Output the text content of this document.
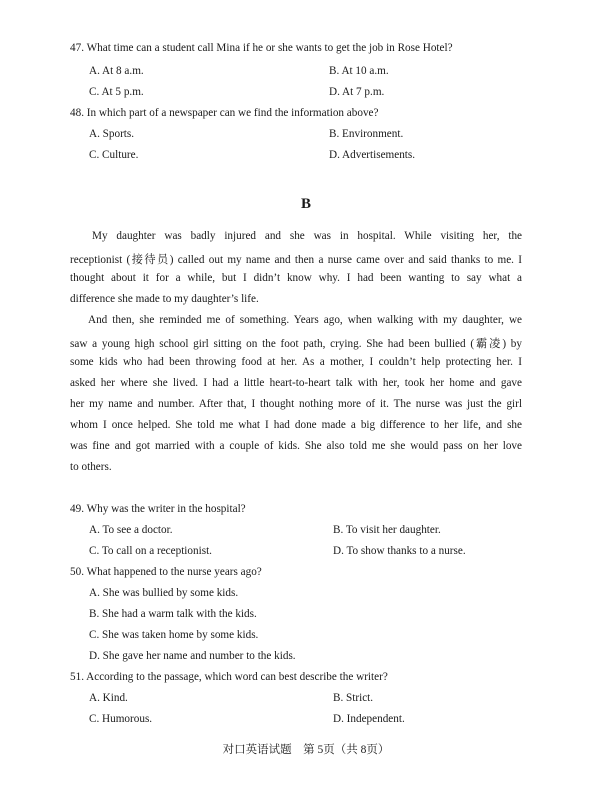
47. What time can a student call Mina if he or she wants to get the job in Rose Hotel?
A. At 8 a.m.	B. At 10 a.m.
C. At 5 p.m.	D. At 7 p.m.
48. In which part of a newspaper can we find the information above?
A. Sports.	B. Environment.
C. Culture.	D. Advertisements.
B
My daughter was badly injured and she was in hospital. While visiting her, the
receptionist (接待员) called out my name and then a nurse came over and said thanks to me. I
thought about it for a while, but I didn’t know why. I had been wanting to say what a
difference she made to my daughter’s life.
And then, she reminded me of something. Years ago, when walking with my daughter, we
saw a young high school girl sitting on the foot path, crying. She had been bullied (霸凌) by
some kids who had been throwing food at her. As a mother, I couldn’t help protecting her. I
asked her where she lived. I had a little heart-to-heart talk with her, took her home and gave
her my name and number. After that, I thought nothing more of it. The nurse was just the girl
whom I once helped. She told me what I had done made a big difference to her life, and she
was fine and got married with a couple of kids. She also told me she would pass on her love
to others.
49. Why was the writer in the hospital?
A. To see a doctor.	B. To visit her daughter.
C. To call on a receptionist.	D. To show thanks to a nurse.
50. What happened to the nurse years ago?
A. She was bullied by some kids.
B. She had a warm talk with the kids.
C. She was taken home by some kids.
D. She gave her name and number to the kids.
51. According to the passage, which word can best describe the writer?
A. Kind.	B. Strict.
C. Humorous.	D. Independent.
对口英语试题　第 5页（共 8页）
